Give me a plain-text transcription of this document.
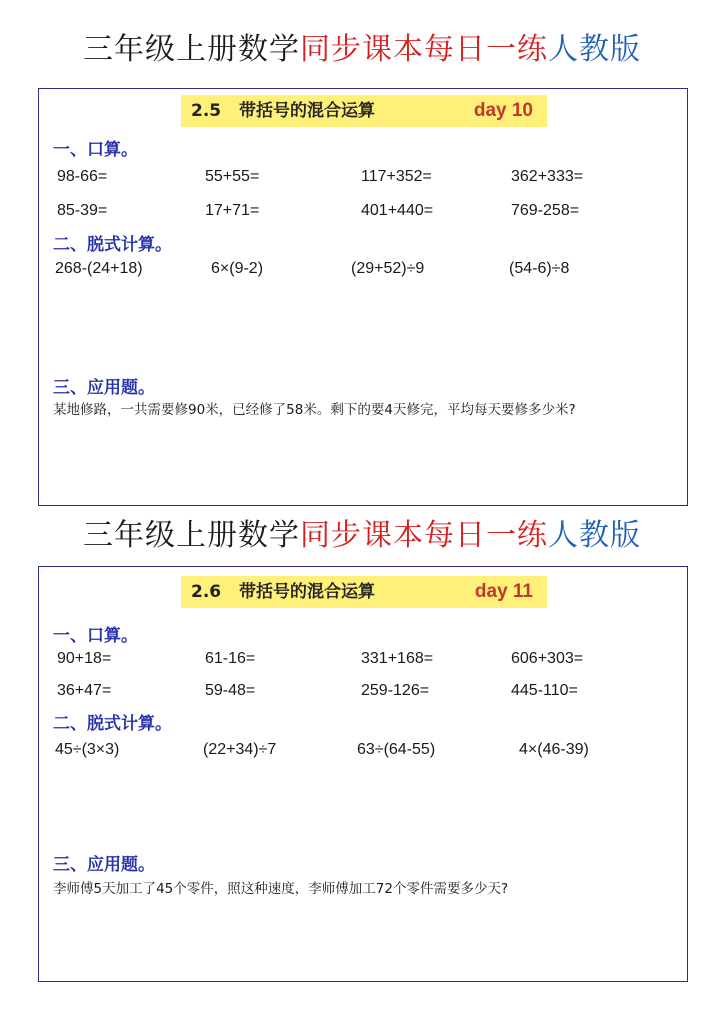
三年级上册数学同步课本每日一练人教版
2.5 带括号的混合运算	day 10
一、口算。
98-66=	55+55=	117+352=	362+333=
85-39=	17+71=	401+440=	769-258=
二、脱式计算。
268-(24+18)	6×(9-2)	(29+52)÷9	(54-6)÷8
三、应用题。
某地修路，一共需要修90米，已经修了58米。剩下的要4天修完，平均每天要修多少米?
三年级上册数学同步课本每日一练人教版
2.6 带括号的混合运算	day 11
一、口算。
90+18=	61-16=	331+168=	606+303=
36+47=	59-48=	259-126=	445-110=
二、脱式计算。
45÷(3×3)	(22+34)÷7	63÷(64-55)	4×(46-39)
三、应用题。
李师傅5天加工了45个零件，照这种速度，李师傅加工72个零件需要多少天?
